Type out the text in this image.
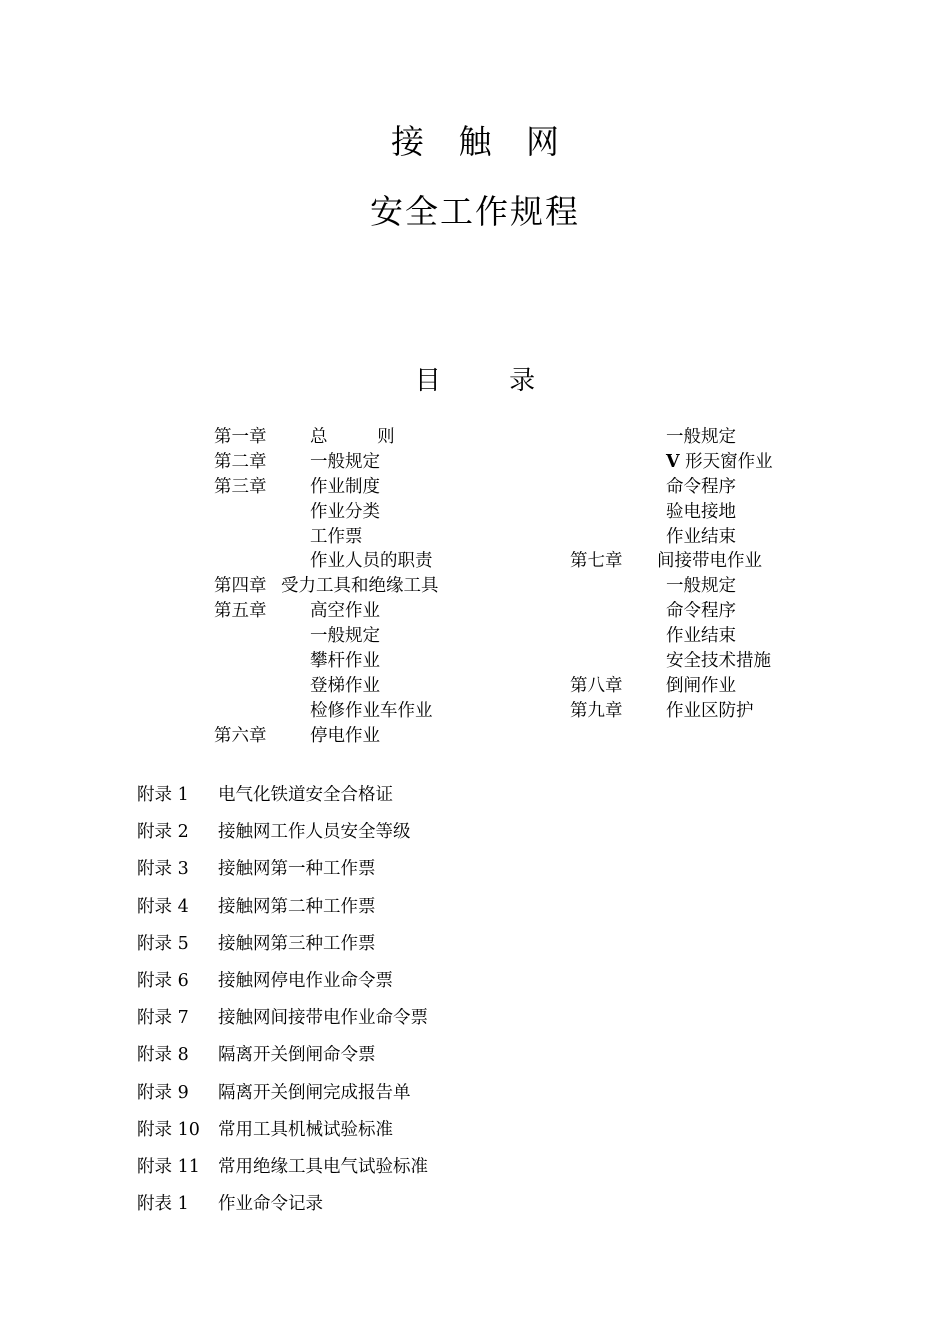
接 触 网
安全工作规程
目 录
第一章 总 则
第二章 一般规定
第三章 作业制度
作业分类
工作票
作业人员的职责
第四章 受力工具和绝缘工具
第五章 高空作业
一般规定
攀杆作业
登梯作业
检修作业车作业
第六章 停电作业
一般规定
V 形天窗作业
命令程序
验电接地
作业结束
第七章 间接带电作业
一般规定
命令程序
作业结束
安全技术措施
第八章 倒闸作业
第九章 作业区防护
附录 1 电气化铁道安全合格证
附录 2 接触网工作人员安全等级
附录 3 接触网第一种工作票
附录 4 接触网第二种工作票
附录 5 接触网第三种工作票
附录 6 接触网停电作业命令票
附录 7 接触网间接带电作业命令票
附录 8 隔离开关倒闸命令票
附录 9 隔离开关倒闸完成报告单
附录 10 常用工具机械试验标准
附录 11 常用绝缘工具电气试验标准
附表 1 作业命令记录
